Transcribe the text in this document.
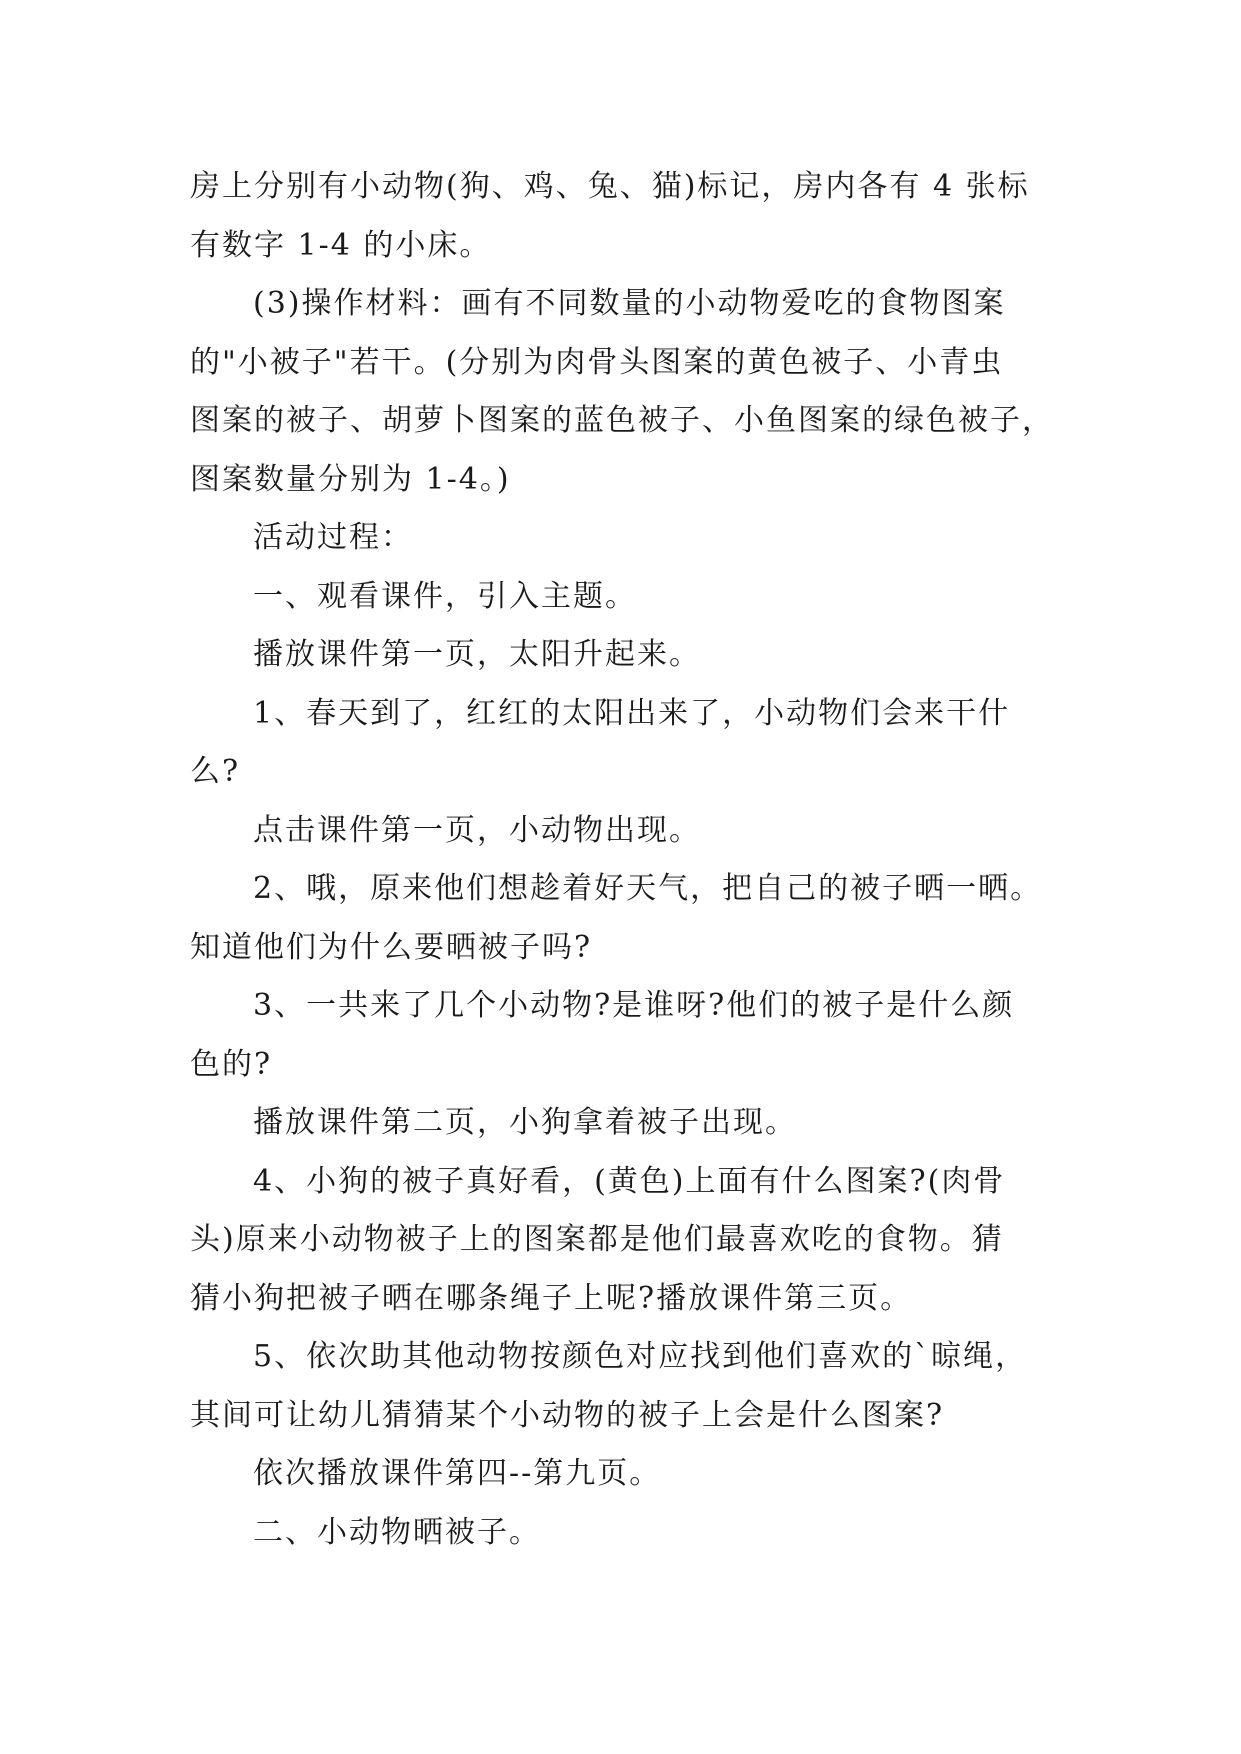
房上分别有小动物(狗、鸡、兔、猫)标记，房内各有 4 张标
有数字 1-4 的小床。
(3)操作材料：画有不同数量的小动物爱吃的食物图案
的"小被子"若干。(分别为肉骨头图案的黄色被子、小青虫
图案的被子、胡萝卜图案的蓝色被子、小鱼图案的绿色被子，
图案数量分别为 1-4。)
活动过程：
一、观看课件，引入主题。
播放课件第一页，太阳升起来。
1、春天到了，红红的太阳出来了，小动物们会来干什
么?
点击课件第一页，小动物出现。
2、哦，原来他们想趁着好天气，把自己的被子晒一晒。
知道他们为什么要晒被子吗?
3、一共来了几个小动物?是谁呀?他们的被子是什么颜
色的?
播放课件第二页，小狗拿着被子出现。
4、小狗的被子真好看，(黄色)上面有什么图案?(肉骨
头)原来小动物被子上的图案都是他们最喜欢吃的食物。猜
猜小狗把被子晒在哪条绳子上呢?播放课件第三页。
5、依次助其他动物按颜色对应找到他们喜欢的`晾绳，
其间可让幼儿猜猜某个小动物的被子上会是什么图案?
依次播放课件第四--第九页。
二、小动物晒被子。
